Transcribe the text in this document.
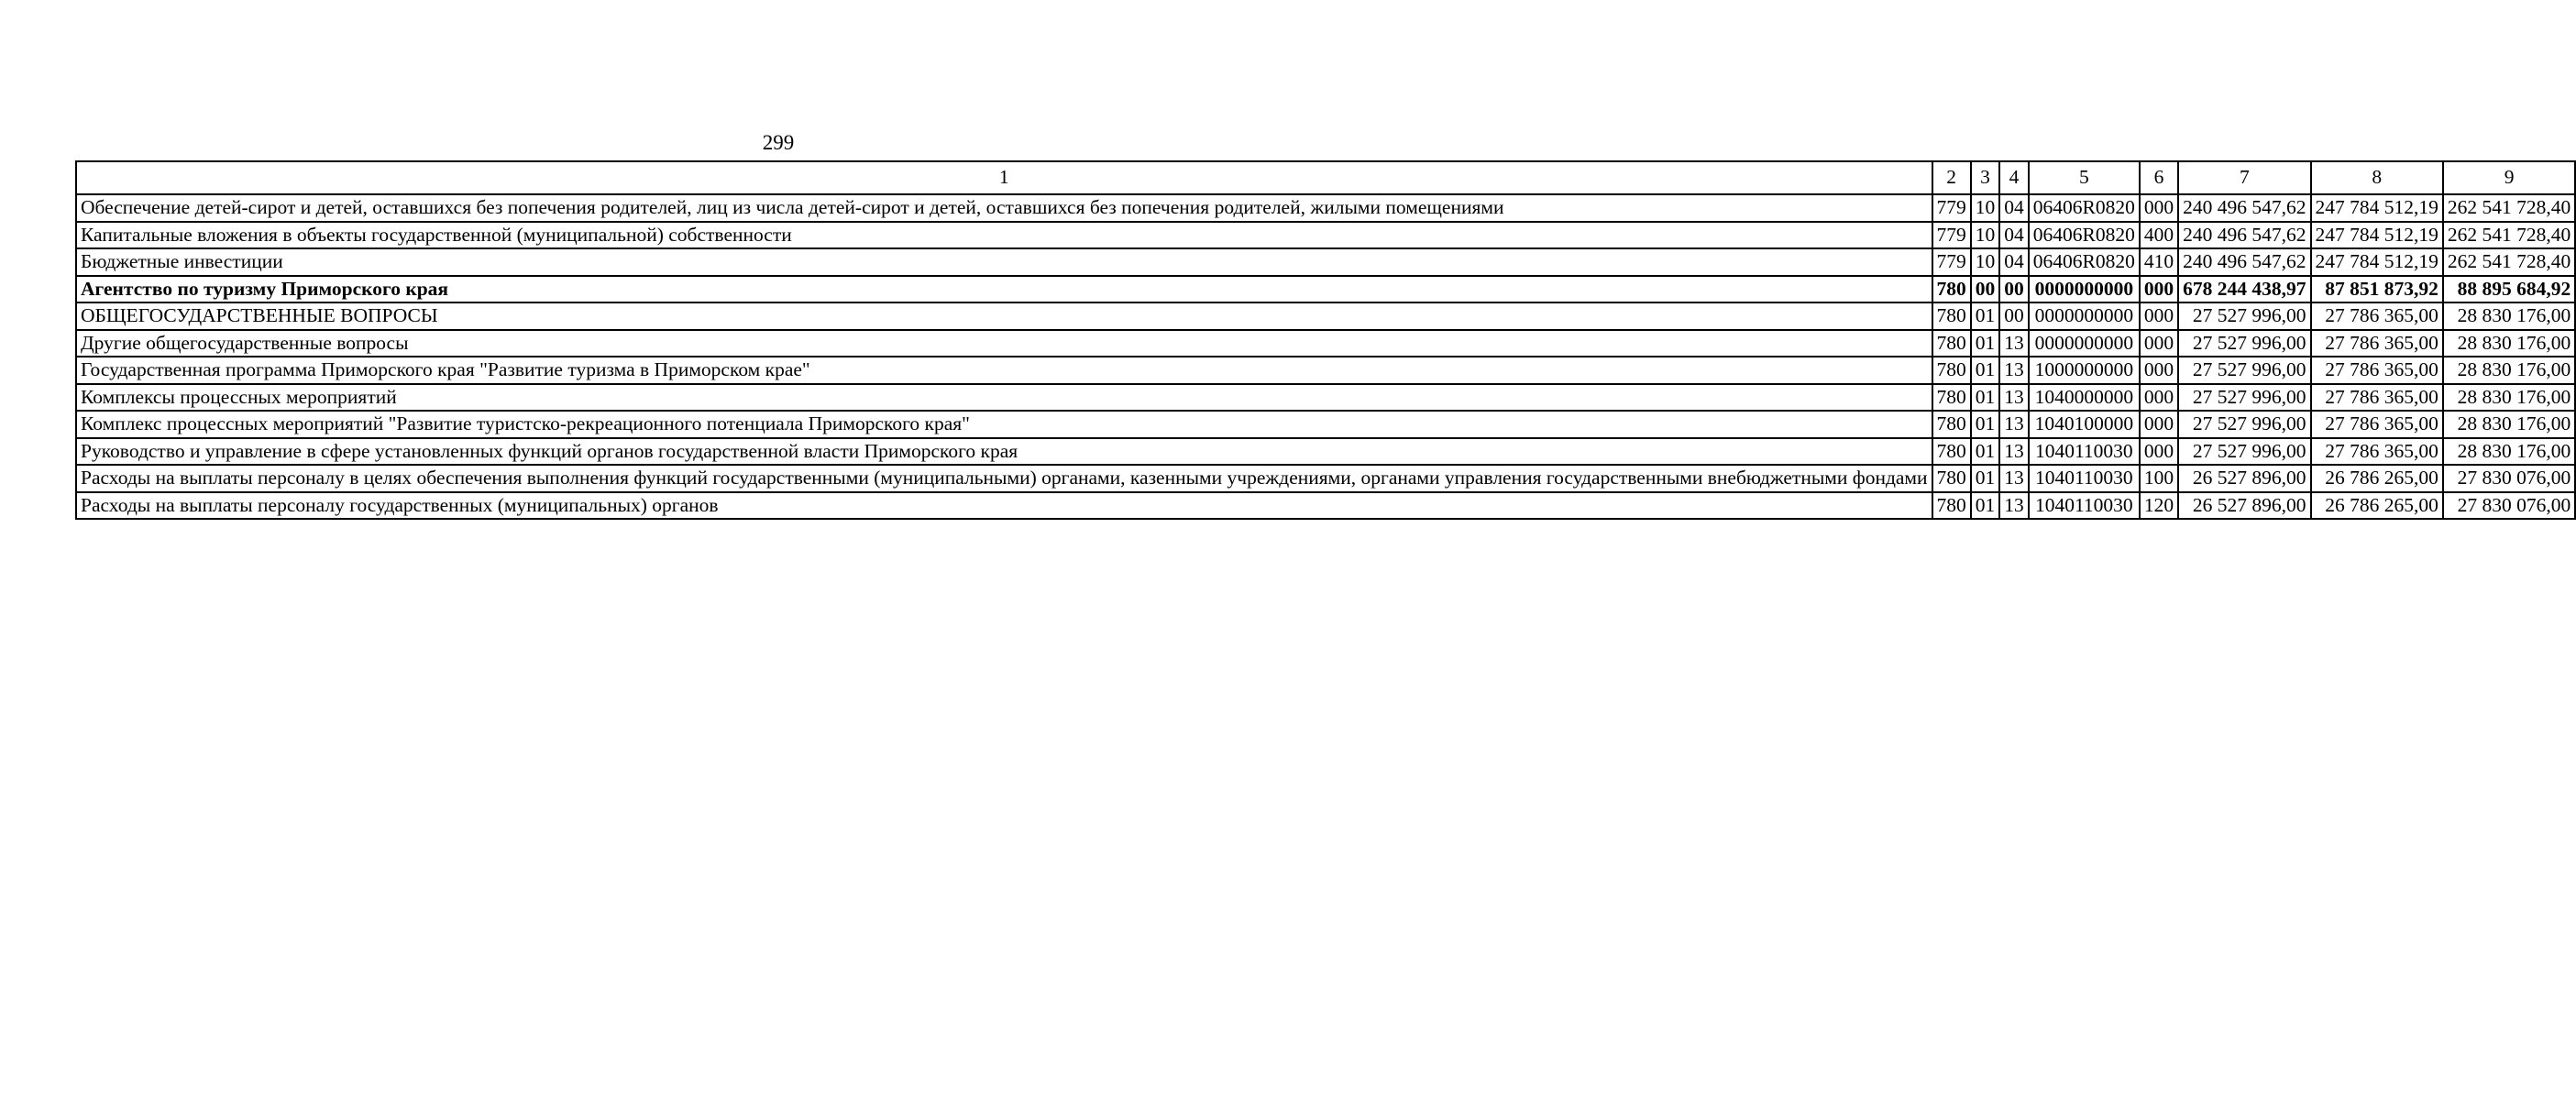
299
1	2	3	4	5	6	7	8	9
Обеспечение детей-сирот и детей, оставшихся без попечения родителей, лиц из числа детей-сирот и детей, оставшихся без попечения родителей, жилыми помещениями	779	10	04	06406R0820	000	240 496 547,62	247 784 512,19	262 541 728,40
Капитальные вложения в объекты государственной (муниципальной) собственности	779	10	04	06406R0820	400	240 496 547,62	247 784 512,19	262 541 728,40
Бюджетные инвестиции	779	10	04	06406R0820	410	240 496 547,62	247 784 512,19	262 541 728,40
Агентство по туризму Приморского края	780	00	00	0000000000	000	678 244 438,97	87 851 873,92	88 895 684,92
ОБЩЕГОСУДАРСТВЕННЫЕ ВОПРОСЫ	780	01	00	0000000000	000	27 527 996,00	27 786 365,00	28 830 176,00
Другие общегосударственные вопросы	780	01	13	0000000000	000	27 527 996,00	27 786 365,00	28 830 176,00
Государственная программа Приморского края "Развитие туризма в Приморском крае"	780	01	13	1000000000	000	27 527 996,00	27 786 365,00	28 830 176,00
Комплексы процессных мероприятий	780	01	13	1040000000	000	27 527 996,00	27 786 365,00	28 830 176,00
Комплекс процессных мероприятий "Развитие туристско-рекреационного потенциала Приморского края"	780	01	13	1040100000	000	27 527 996,00	27 786 365,00	28 830 176,00
Руководство и управление в сфере установленных функций органов государственной власти Приморского края	780	01	13	1040110030	000	27 527 996,00	27 786 365,00	28 830 176,00
Расходы на выплаты персоналу в целях обеспечения выполнения функций государственными (муниципальными) органами, казенными учреждениями, органами управления государственными внебюджетными фондами	780	01	13	1040110030	100	26 527 896,00	26 786 265,00	27 830 076,00
Расходы на выплаты персоналу государственных (муниципальных) органов	780	01	13	1040110030	120	26 527 896,00	26 786 265,00	27 830 076,00
